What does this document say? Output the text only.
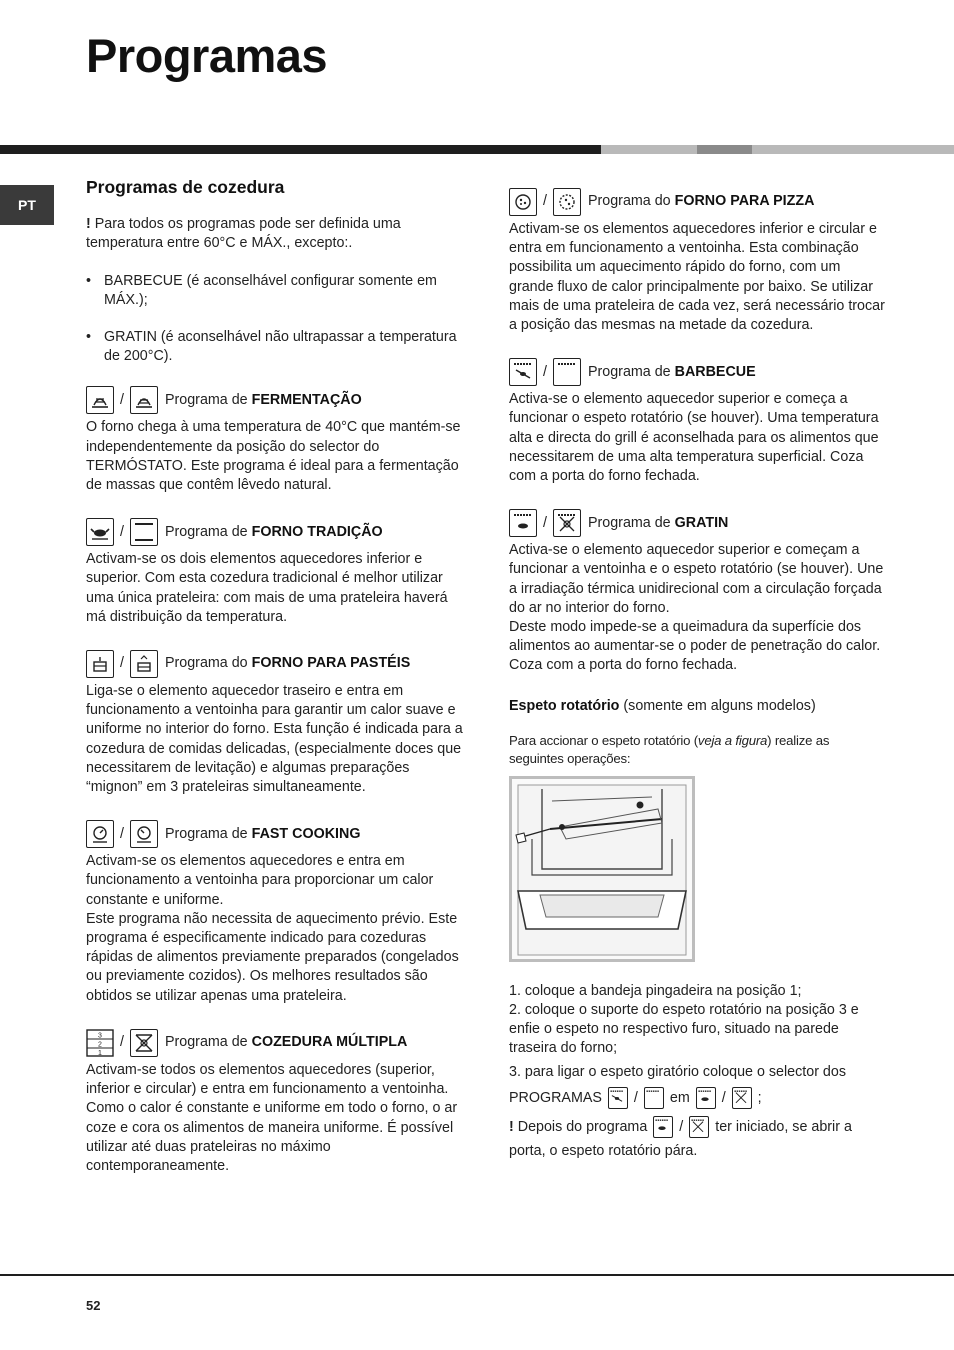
Programas
PT
Programas de cozedura

! Para todos os programas pode ser definida uma temperatura entre 60°C e MÁX., excepto:.

• BARBECUE (é aconselhável configurar somente em MÁX.);
• GRATIN (é aconselhável não ultrapassar a temperatura de 200°C).
/	Programa de FERMENTAÇÃO

O forno chega à uma temperatura de 40°C que mantém-se independentemente da posição do selector do TERMÓSTATO. Este programa é ideal para a fermentação de massas que contêm lêvedo natural.

/	Programa de FORNO TRADIÇÃO

Activam-se os dois elementos aquecedores inferior e superior. Com esta cozedura tradicional é melhor utilizar uma única prateleira: com mais de uma prateleira haverá má distribuição da temperatura.

/	Programa do FORNO PARA PASTÉIS

Liga-se o elemento aquecedor traseiro e entra em funcionamento a ventoinha para garantir um calor suave e uniforme no interior do forno. Esta função é indicada para a cozedura de comidas delicadas, (especialmente doces que necessitarem de levitação) e algumas preparações “mignon” em 3 prateleiras simultaneamente.

/	Programa de FAST COOKING

Activam-se os elementos aquecedores e entra em funcionamento a ventoinha para proporcionar um calor constante e uniforme.
Este programa não necessita de aquecimento prévio. Este programa é especificamente indicado para cozeduras rápidas de alimentos previamente preparados (congelados ou previamente cozidos). Os melhores resultados são obtidos se utilizar apenas uma prateleira.

3
2
1
/	Programa de COZEDURA MÚLTIPLA

Activam-se todos os elementos aquecedores (superior, inferior e circular) e entra em funcionamento a ventoinha. Como o calor é constante e uniforme em todo o forno, o ar coze e cora os alimentos de maneira uniforme. É possível utilizar até duas prateleiras no máximo contemporaneamente.

/	Programa do FORNO PARA PIZZA

Activam-se os elementos aquecedores inferior e circular e entra em funcionamento a ventoinha. Esta combinação possibilita um aquecimento rápido do forno, com um grande fluxo de calor principalmente por baixo. Se utilizar mais de uma prateleira de cada vez, será necessário trocar a posição das mesmas na metade da cozedura.

/	Programa de BARBECUE

Activa-se o elemento aquecedor superior e começa a funcionar o espeto rotatório (se houver). Uma temperatura alta e directa do grill é aconselhada para os alimentos que necessitarem de uma alta temperatura superficial. Coza com a porta do forno fechada.

/	Programa de GRATIN

Activa-se o elemento aquecedor superior e começam a funcionar a ventoinha e o espeto rotatório (se houver). Une a irradiação térmica unidirecional com a circulação forçada do ar no interior do forno.
Deste modo impede-se a queimadura da superfície dos alimentos ao aumentar-se o poder de penetração do calor. Coza com a porta do forno fechada.

Espeto rotatório (somente em alguns modelos)

Para accionar o espeto rotatório (veja a figura) realize as seguintes operações:

1. coloque a bandeja pingadeira na posição 1;

2. coloque o suporte do espeto rotatório na posição 3 e enfie o espeto no respectivo furo, situado na parede traseira do forno;

3. para ligar o espeto giratório coloque o selector dos PROGRAMAS / em / ;

! Depois do programa / ter iniciado, se abrir a porta, o espeto rotatório pára.

52
